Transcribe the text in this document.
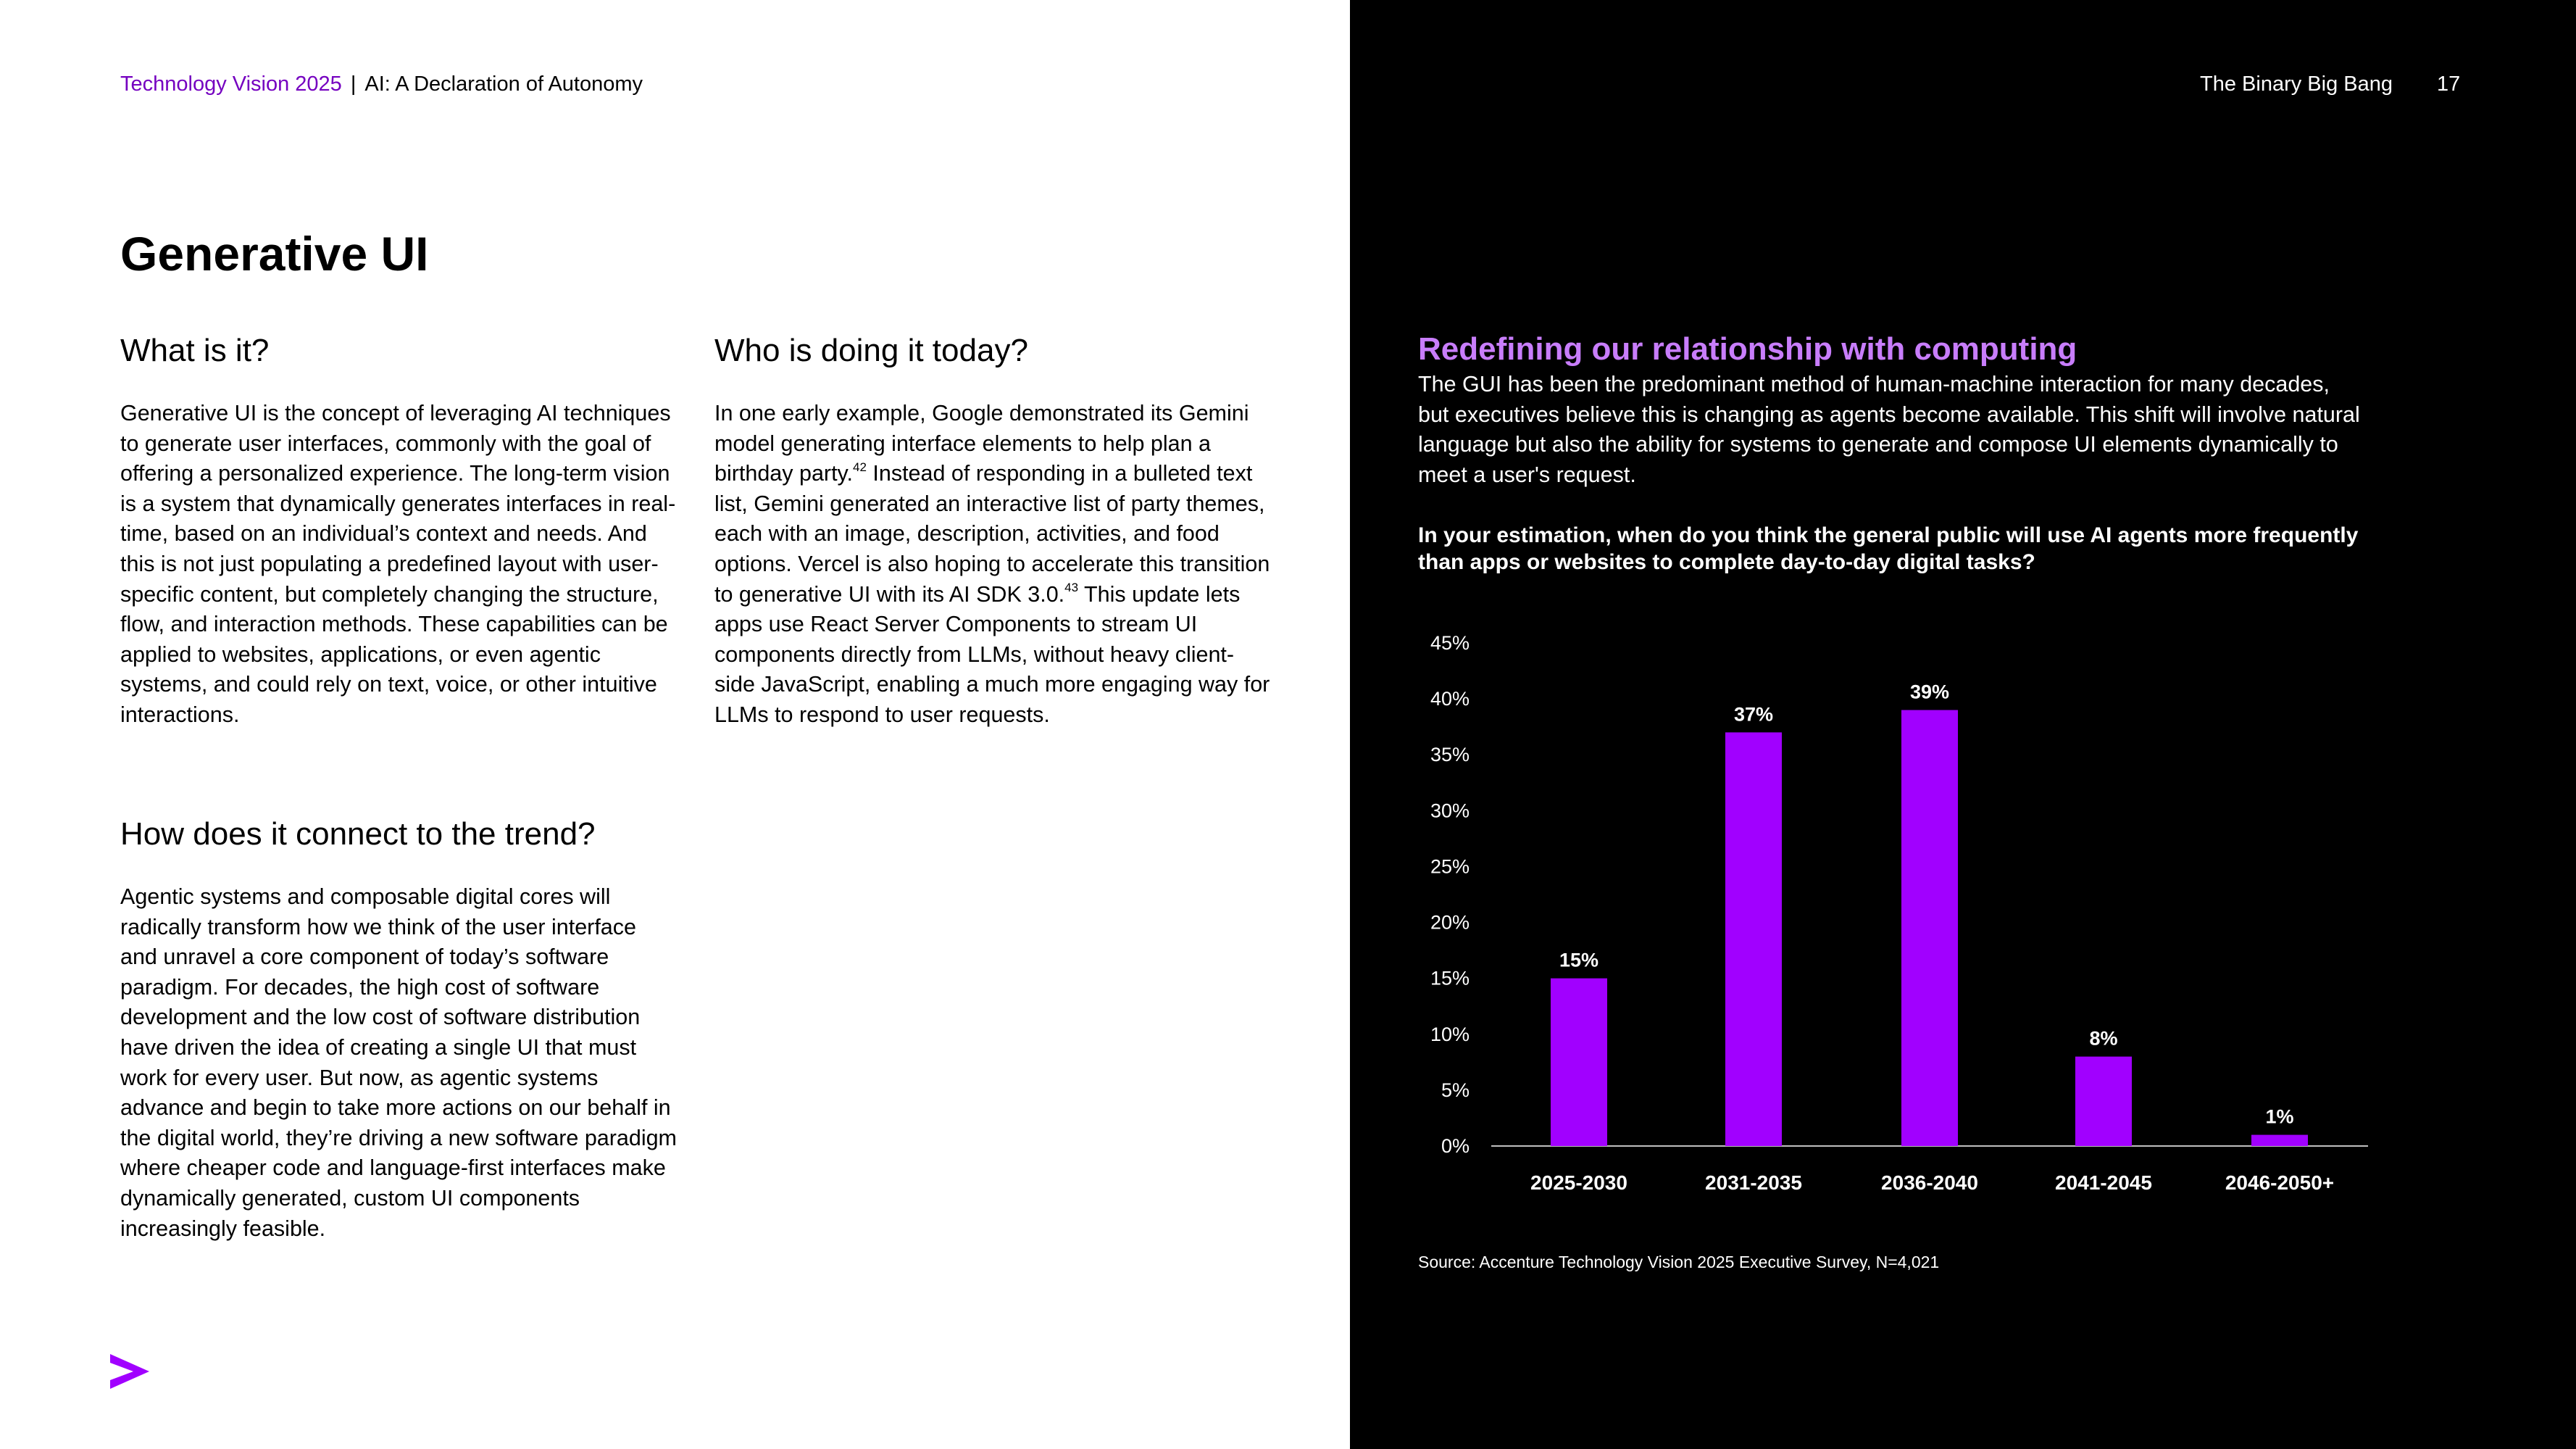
Technology Vision 2025 | AI: A Declaration of Autonomy
Generative UI
What is it?

Generative UI is the concept of leveraging AI techniques to generate user interfaces, commonly with the goal of offering a personalized experience. The long-term vision is a system that dynamically generates interfaces in real-time, based on an individual’s context and needs. And this is not just populating a predefined layout with user-specific content, but completely changing the structure, flow, and interaction methods. These capabilities can be applied to websites, applications, or even agentic systems, and could rely on text, voice, or other intuitive interactions.

Who is doing it today?

In one early example, Google demonstrated its Gemini model generating interface elements to help plan a birthday party.$^{42}$ Instead of responding in a bulleted text list, Gemini generated an interactive list of party themes, each with an image, description, activities, and food options. Vercel is also hoping to accelerate this transition to generative UI with its AI SDK 3.0.43 This update lets apps use React Server Components to stream UI components directly from LLMs, without heavy client-side JavaScript, enabling a much more engaging way for LLMs to respond to user requests.

How does it connect to the trend?

Agentic systems and composable digital cores will radically transform how we think of the user interface and unravel a core component of today’s software paradigm. For decades, the high cost of software development and the low cost of software distribution have driven the idea of creating a single UI that must work for every user. But now, as agentic systems advance and begin to take more actions on our behalf in the digital world, they’re driving a new software paradigm where cheaper code and language-first interfaces make dynamically generated, custom UI components increasingly feasible.

The Binary Big Bang 17
Redefining our relationship with computing

The GUI has been the predominant method of human-machine interaction for many decades, but executives believe this is changing as agents become available. This shift will involve natural language but also the ability for systems to generate and compose UI elements dynamically to meet a user's request.

In your estimation, when do you think the general public will use AI agents more frequently than apps or websites to complete day-to-day digital tasks?

0%
5%
10%
15%
20%
25%
30%
35%
40%
45%
15%
2025-2030
37%
2031-2035
39%
2036-2040
8%
2041-2045
1%
2046-2050+
Source: Accenture Technology Vision 2025 Executive Survey, N=4,021
